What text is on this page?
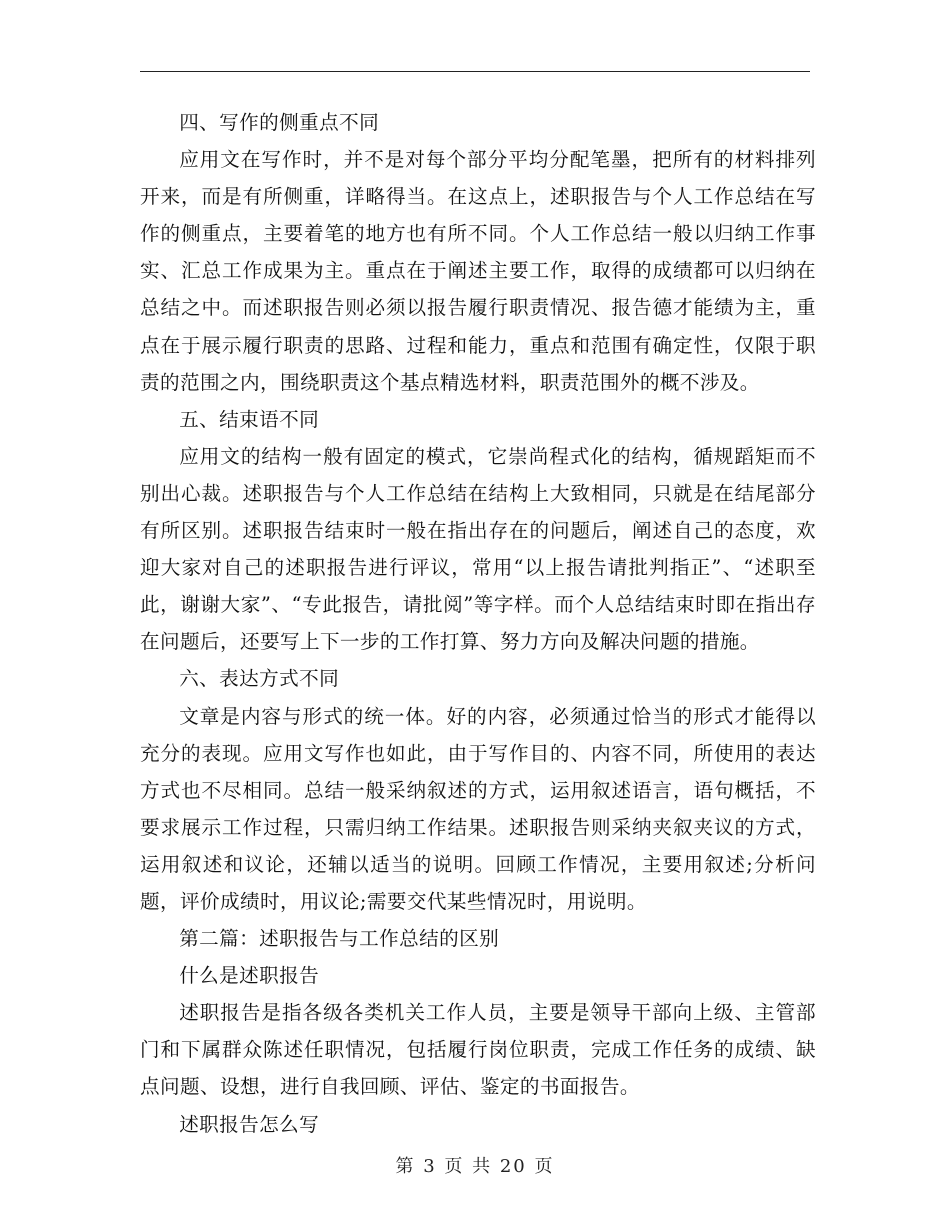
四、写作的侧重点不同

应用文在写作时，并不是对每个部分平均分配笔墨，把所有的材料排列开来，而是有所侧重，详略得当。在这点上，述职报告与个人工作总结在写作的侧重点，主要着笔的地方也有所不同。个人工作总结一般以归纳工作事实、汇总工作成果为主。重点在于阐述主要工作，取得的成绩都可以归纳在总结之中。而述职报告则必须以报告履行职责情况、报告德才能绩为主，重点在于展示履行职责的思路、过程和能力，重点和范围有确定性，仅限于职责的范围之内，围绕职责这个基点精选材料，职责范围外的概不涉及。

五、结束语不同

应用文的结构一般有固定的模式，它崇尚程式化的结构，循规蹈矩而不别出心裁。述职报告与个人工作总结在结构上大致相同，只就是在结尾部分有所区别。述职报告结束时一般在指出存在的问题后，阐述自己的态度，欢迎大家对自己的述职报告进行评议，常用“以上报告请批判指正”、“述职至此，谢谢大家”、“专此报告，请批阅”等字样。而个人总结结束时即在指出存在问题后，还要写上下一步的工作打算、努力方向及解决问题的措施。

六、表达方式不同

文章是内容与形式的统一体。好的内容，必须通过恰当的形式才能得以充分的表现。应用文写作也如此，由于写作目的、内容不同，所使用的表达方式也不尽相同。总结一般采纳叙述的方式，运用叙述语言，语句概括，不要求展示工作过程，只需归纳工作结果。述职报告则采纳夹叙夹议的方式，运用叙述和议论，还辅以适当的说明。回顾工作情况，主要用叙述;分析问题，评价成绩时，用议论;需要交代某些情况时，用说明。

第二篇：述职报告与工作总结的区别

什么是述职报告

述职报告是指各级各类机关工作人员，主要是领导干部向上级、主管部门和下属群众陈述任职情况，包括履行岗位职责，完成工作任务的成绩、缺点问题、设想，进行自我回顾、评估、鉴定的书面报告。

述职报告怎么写

第 3 页 共 20 页
